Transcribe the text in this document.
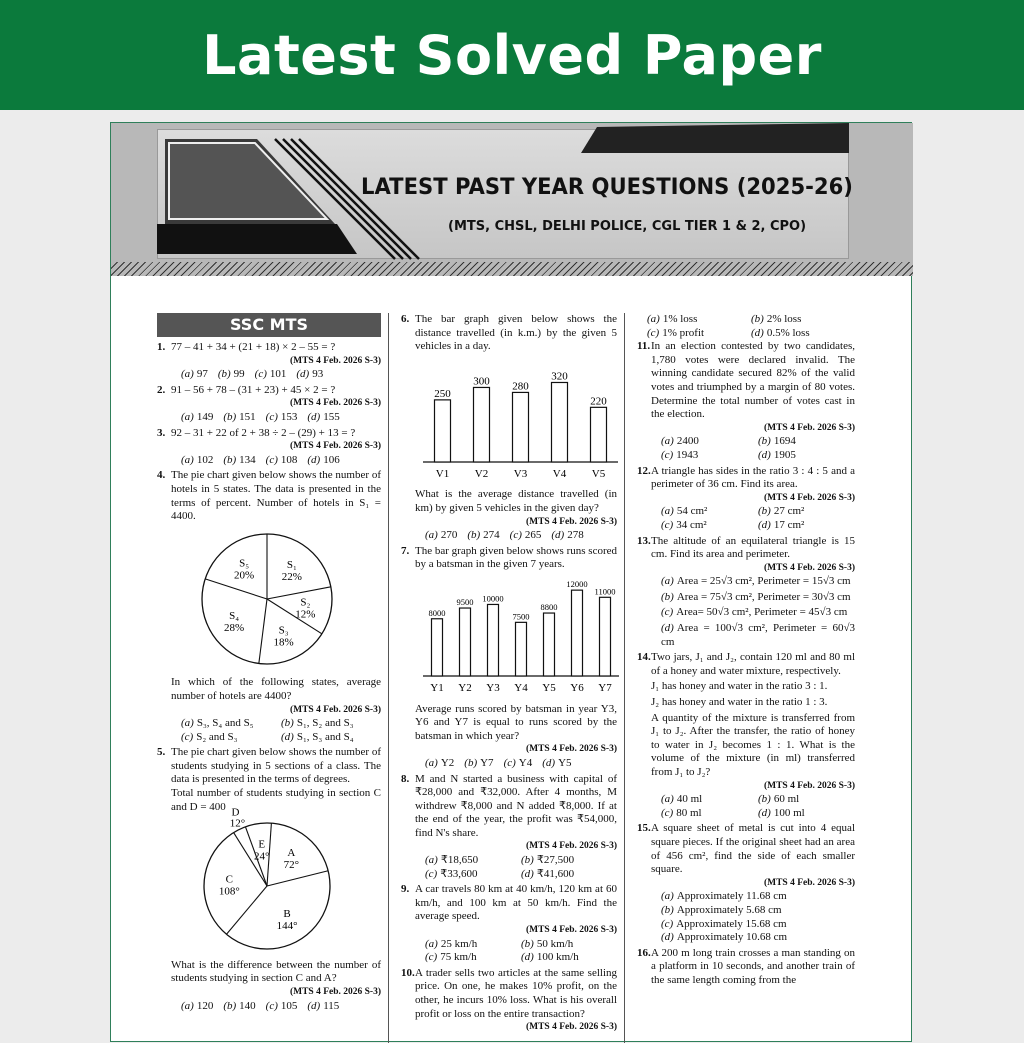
Latest Solved Paper
LATEST PAST YEAR QUESTIONS (2025-26)
(MTS, CHSL, DELHI POLICE, CGL TIER 1 & 2, CPO)
SSC MTS
1. 77 – 41 + 34 + (21 + 18) × 2 – 55 = ?
(MTS 4 Feb. 2026 S-3)
(a) 97 (b) 99 (c) 101 (d) 93
2. 91 – 56 + 78 – (31 + 23) + 45 × 2 = ?
(MTS 4 Feb. 2026 S-3)
(a) 149 (b) 151 (c) 153 (d) 155
3. 92 – 31 + 22 of 2 + 38 ÷ 2 – (29) + 13 = ?
(MTS 4 Feb. 2026 S-3)
(a) 102 (b) 134 (c) 108 (d) 106
4. The pie chart given below shows the number of hotels in 5 states. The data is presented in the terms of percent. Number of hotels in S₁ = 4400.
S₁
22%
S₂
12%
S₃
18%
S₄
28%
S₅
20%
In which of the following states, average number of hotels are 4400?
(MTS 4 Feb. 2026 S-3)
(a) S₃, S₄ and S₅	(b) S₁, S₂ and S₃
(c) S₂ and S₃	(d) S₁, S₃ and S₄
5. The pie chart given below shows the number of students studying in 5 sections of a class. The data is presented in the terms of degrees.
Total number of students studying in section C and D = 400
A
72°
B
144°
C
108°
D
12°
E
24°
What is the difference between the number of students studying in section C and A?
(MTS 4 Feb. 2026 S-3)
(a) 120 (b) 140 (c) 105 (d) 115
6. The bar graph given below shows the distance travelled (in k.m.) by the given 5 vehicles in a day.
250
V1
300
V2
280
V3
320
V4
220
V5
What is the average distance travelled (in km) by given 5 vehicles in the given day?
(MTS 4 Feb. 2026 S-3)
(a) 270 (b) 274 (c) 265 (d) 278
7. The bar graph given below shows runs scored by a batsman in the given 7 years.
8000
Y1
9500
Y2
10000
Y3
7500
Y4
8800
Y5
12000
Y6
11000
Y7
Average runs scored by batsman in year Y3, Y6 and Y7 is equal to runs scored by the batsman in which year?
(MTS 4 Feb. 2026 S-3)
(a) Y2 (b) Y7 (c) Y4 (d) Y5
8. M and N started a business with capital of ₹28,000 and ₹32,000. After 4 months, M withdrew ₹8,000 and N added ₹8,000. If at the end of the year, the profit was ₹54,000, find N's share.
(MTS 4 Feb. 2026 S-3)
(a) ₹18,650	(b) ₹27,500
(c) ₹33,600	(d) ₹41,600
9. A car travels 80 km at 40 km/h, 120 km at 60 km/h, and 100 km at 50 km/h. Find the average speed.
(MTS 4 Feb. 2026 S-3)
(a) 25 km/h	(b) 50 km/h
(c) 75 km/h	(d) 100 km/h
10. A trader sells two articles at the same selling price. On one, he makes 10% profit, on the other, he incurs 10% loss. What is his overall profit or loss on the entire transaction?
(MTS 4 Feb. 2026 S-3)
(a) 1% loss	(b) 2% loss
(c) 1% profit	(d) 0.5% loss
11. In an election contested by two candidates, 1,780 votes were declared invalid. The winning candidate secured 82% of the valid votes and triumphed by a margin of 80 votes. Determine the total number of votes cast in the election.
(MTS 4 Feb. 2026 S-3)
(a) 2400	(b) 1694
(c) 1943	(d) 1905
12. A triangle has sides in the ratio 3 : 4 : 5 and a perimeter of 36 cm. Find its area.
(MTS 4 Feb. 2026 S-3)
(a) 54 cm²	(b) 27 cm²
(c) 34 cm²	(d) 17 cm²
13. The altitude of an equilateral triangle is 15 cm. Find its area and perimeter.
(MTS 4 Feb. 2026 S-3)
(a) Area = 25√3 cm², Perimeter = 15√3 cm
(b) Area = 75√3 cm², Perimeter = 30√3 cm
(c) Area= 50√3 cm², Perimeter = 45√3 cm
(d) Area = 100√3 cm², Perimeter = 60√3 cm
14. Two jars, J₁ and J₂, contain 120 ml and 80 ml of a honey and water mixture, respectively.
J₁ has honey and water in the ratio 3 : 1.
J₂ has honey and water in the ratio 1 : 3.
A quantity of the mixture is transferred from J₁ to J₂. After the transfer, the ratio of honey to water in J₂ becomes 1 : 1. What is the volume of the mixture (in ml) transferred from J₁ to J₂?
(MTS 4 Feb. 2026 S-3)
(a) 40 ml	(b) 60 ml
(c) 80 ml	(d) 100 ml
15. A square sheet of metal is cut into 4 equal square pieces. If the original sheet had an area of 456 cm², find the side of each smaller square.
(MTS 4 Feb. 2026 S-3)
(a) Approximately 11.68 cm
(b) Approximately 5.68 cm
(c) Approximately 15.68 cm
(d) Approximately 10.68 cm
16. A 200 m long train crosses a man standing on a platform in 10 seconds, and another train of the same length coming from the
